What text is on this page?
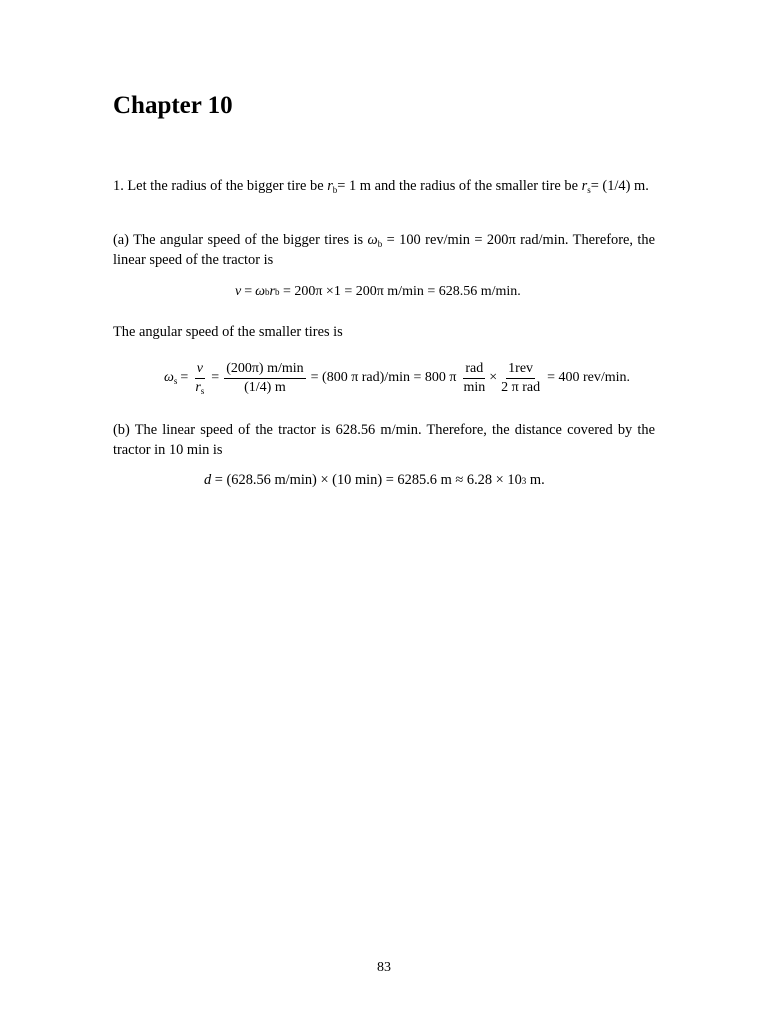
Chapter 10

1. Let the radius of the bigger tire be $r_b= 1$ m and the radius of the smaller tire be $r_s= (1/4)$ m.

(a) The angular speed of the bigger tires is $\omega_b = 100$ rev/min = 200π rad/min. Therefore, the linear speed of the tractor is

v = ω b r b = 200π ×1 = 200π m/min = 628.56 m/min.

The angular speed of the smaller tires is

$\omega_s = \frac{v}{r_s} = \frac{(200\pi) m/\min}{(1/4) m} = (800$ π rad)/min = 800 π $\frac{\text{rad}}{\min} \times \frac{\text{1rev}}{\text{2 π rad}} = 400$ rev/min.

(b) The linear speed of the tractor is 628.56 m/min. Therefore, the distance covered by the tractor in 10 min is

d = (628.56 m/min) × (10 min) = 6285.6 m ≈ 6.28 × 10 3 m.
83
